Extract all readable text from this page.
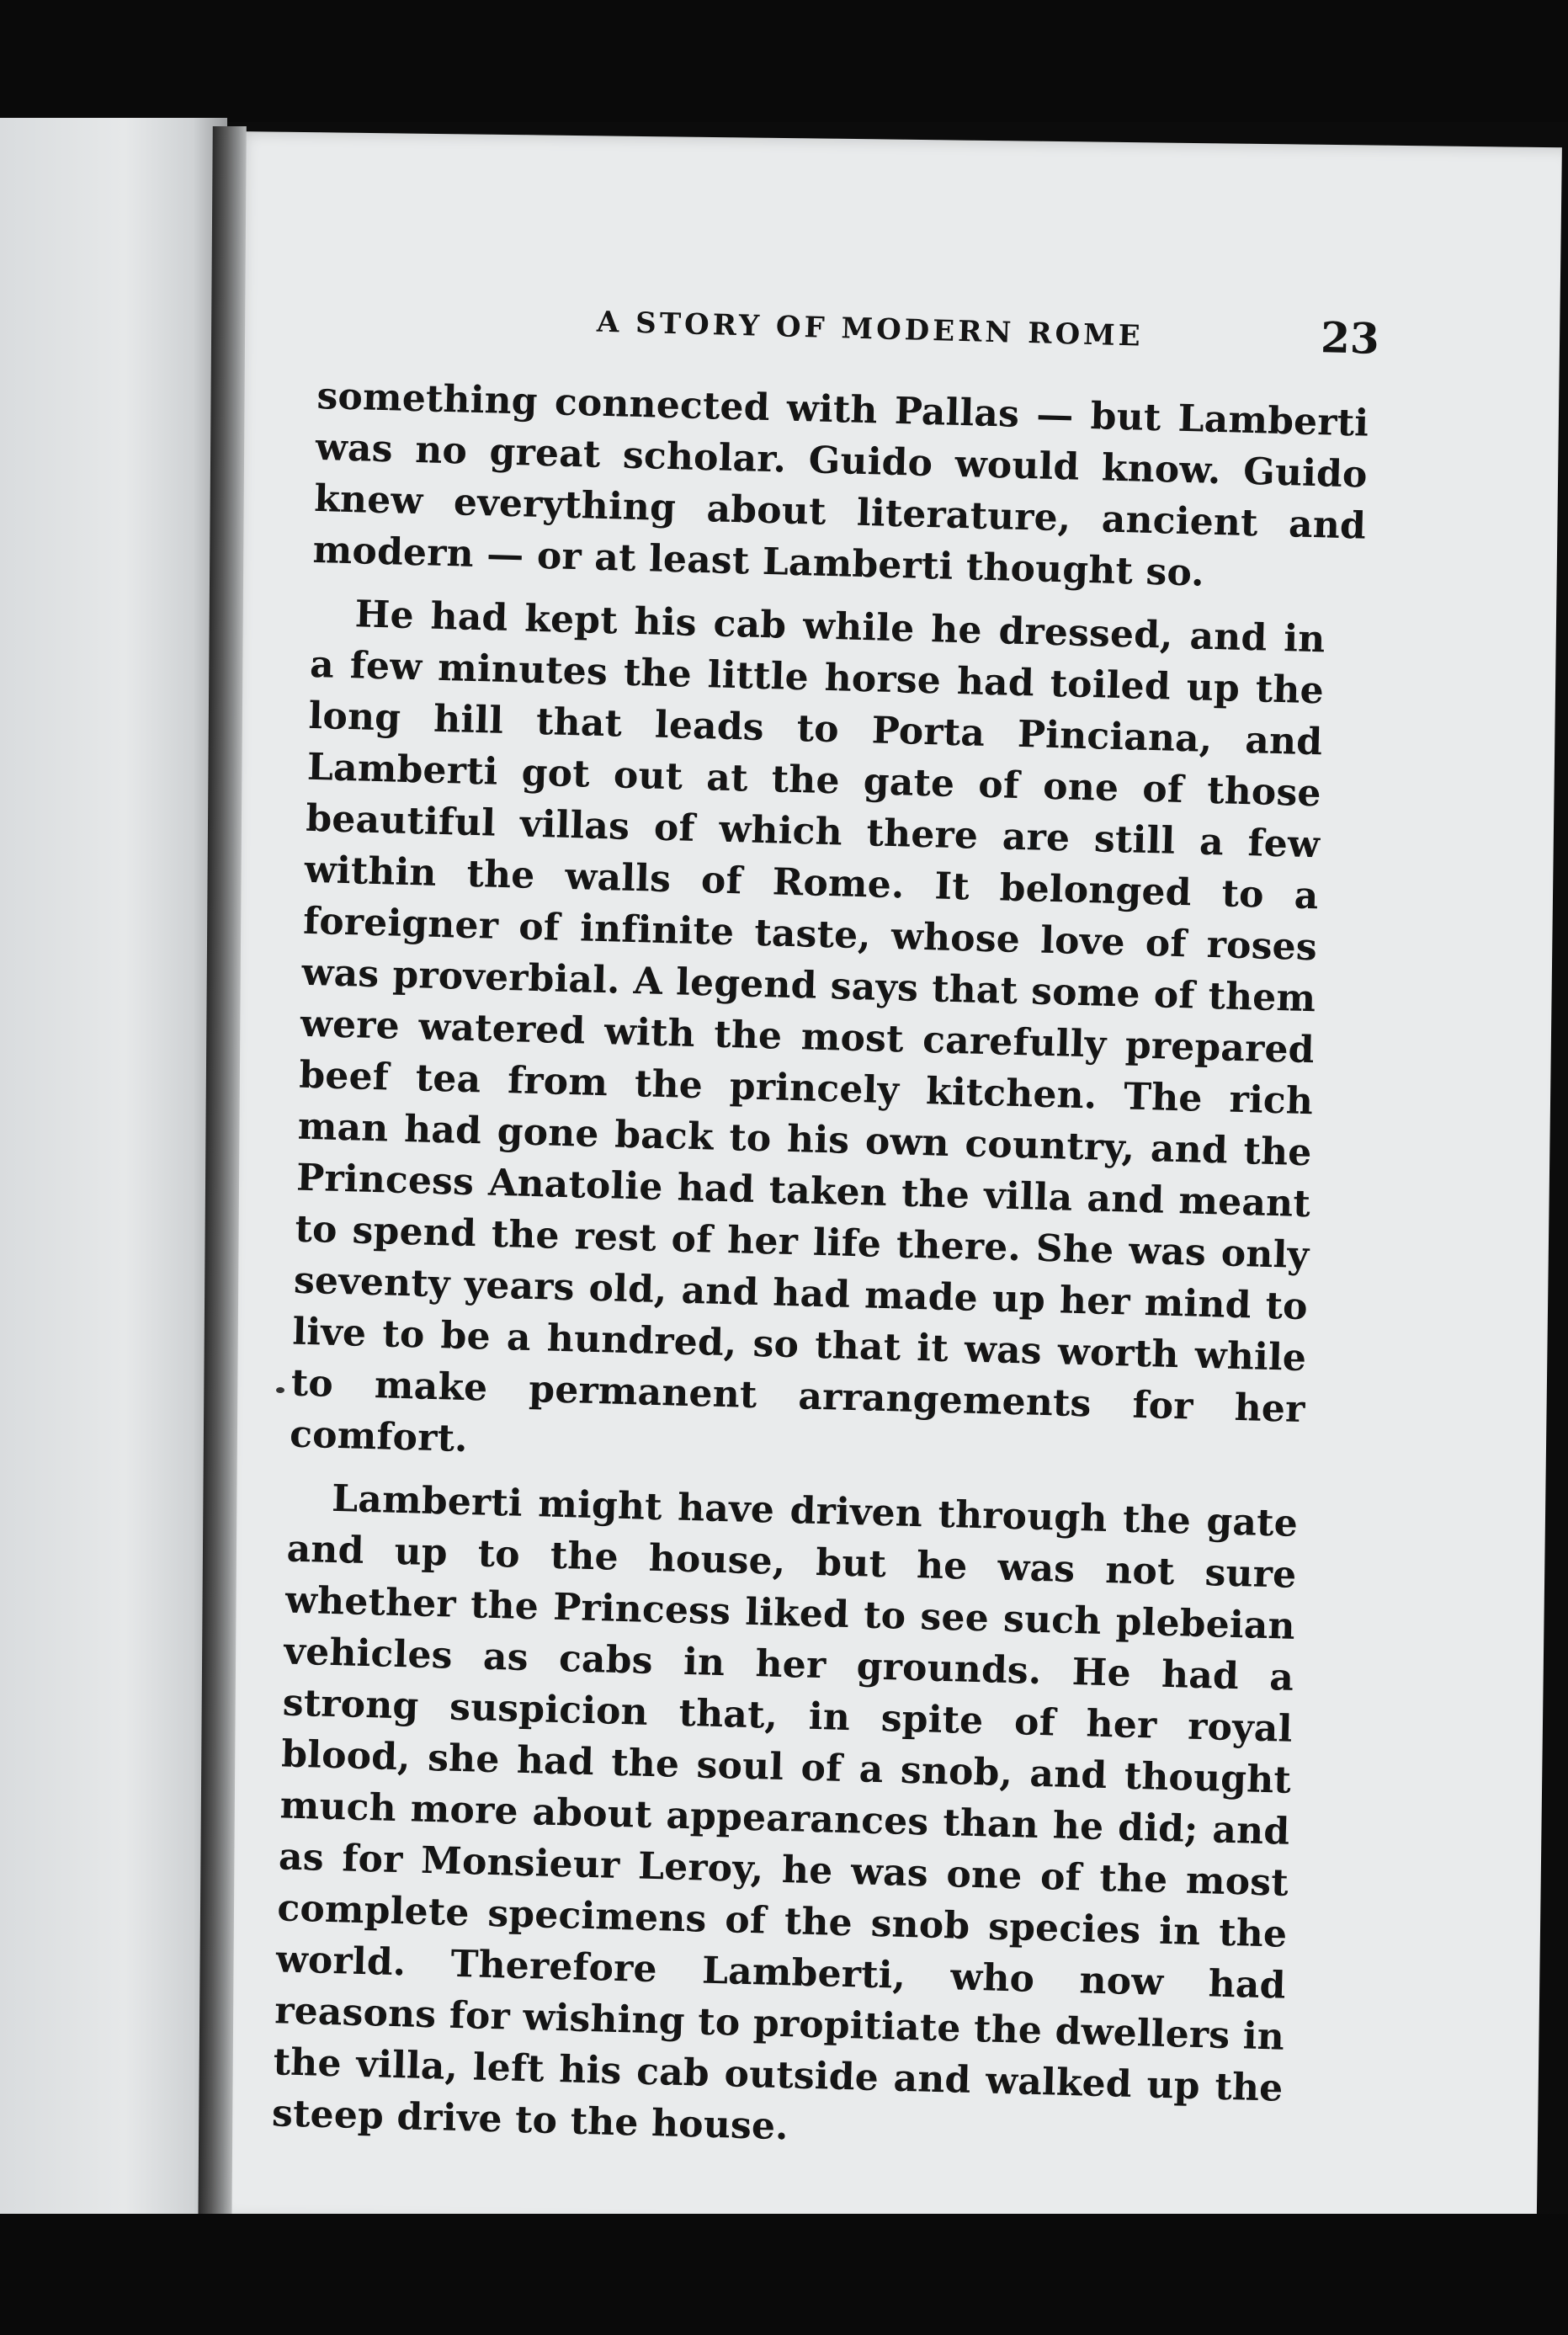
A STORY OF MODERN ROME	23

something connected with Pallas — but Lamberti was no great scholar. Guido would know. Guido knew everything about literature, ancient and modern — or at least Lamberti thought so.

He had kept his cab while he dressed, and in a few minutes the little horse had toiled up the long hill that leads to Porta Pinciana, and Lamberti got out at the gate of one of those beautiful villas of which there are still a few within the walls of Rome. It belonged to a foreigner of infinite taste, whose love of roses was proverbial. A legend says that some of them were watered with the most carefully prepared beef tea from the princely kitchen. The rich man had gone back to his own country, and the Princess Anatolie had taken the villa and meant to spend the rest of her life there. She was only seventy years old, and had made up her mind to live to be a hundred, so that it was worth while to make permanent arrangements for her comfort.

Lamberti might have driven through the gate and up to the house, but he was not sure whether the Princess liked to see such plebeian vehicles as cabs in her grounds. He had a strong suspicion that, in spite of her royal blood, she had the soul of a snob, and thought much more about appearances than he did; and as for Monsieur Leroy, he was one of the most complete specimens of the snob species in the world. Therefore Lamberti, who now had reasons for wishing to propitiate the dwellers in the villa, left his cab outside and walked up the steep drive to the house.
